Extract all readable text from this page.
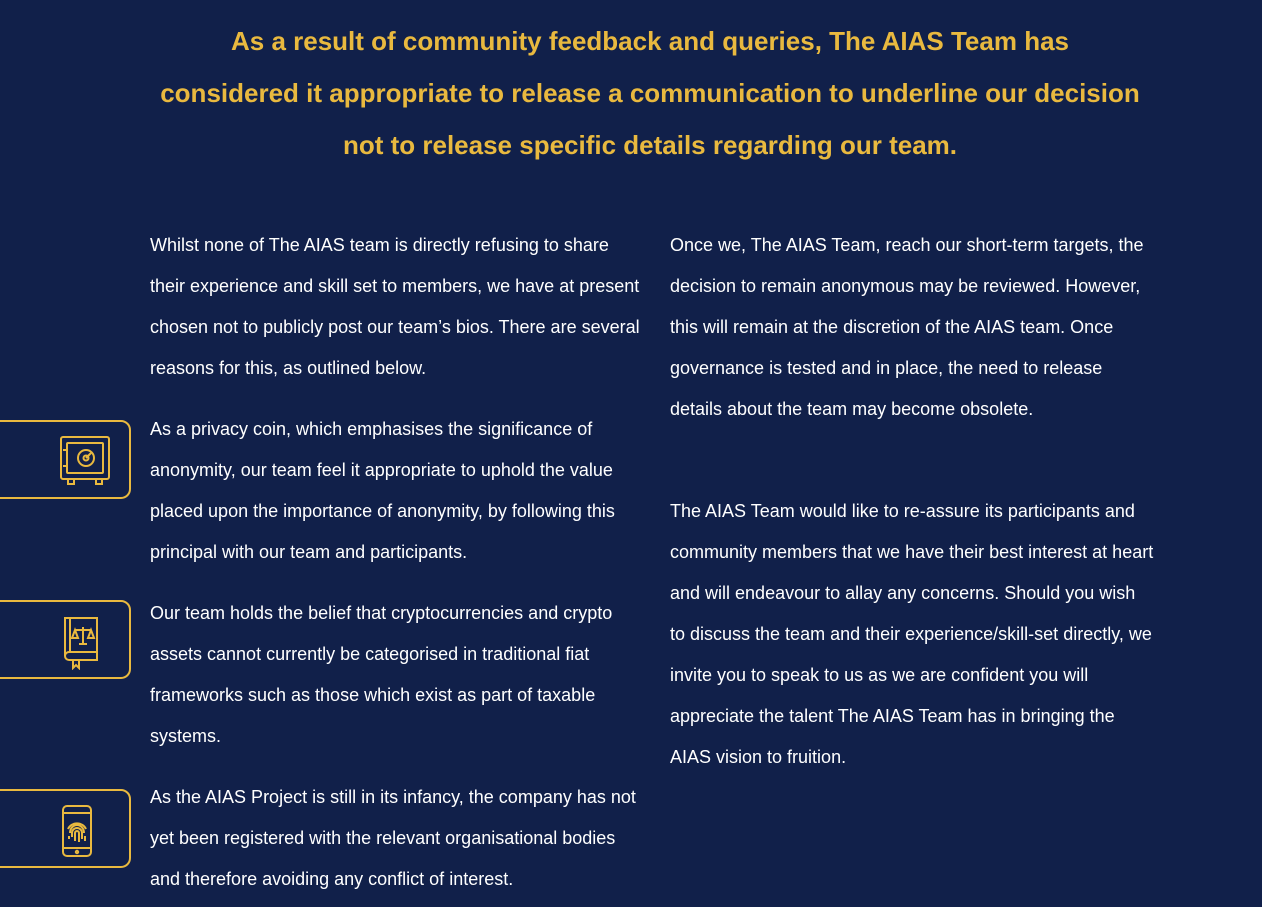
As a result of community feedback and queries, The AIAS Team has considered it appropriate to release a communication to underline our decision not to release specific details regarding our team.

Whilst none of The AIAS team is directly refusing to share their experience and skill set to members, we have at present chosen not to publicly post our team’s bios. There are several reasons for this, as outlined below.

As a privacy coin, which emphasises the significance of anonymity, our team feel it appropriate to uphold the value placed upon the importance of anonymity, by following this principal with our team and participants.

Our team holds the belief that cryptocurrencies and crypto assets cannot currently be categorised in traditional fiat frameworks such as those which exist as part of taxable systems.

As the AIAS Project is still in its infancy, the company has not yet been registered with the relevant organisational bodies and therefore avoiding any conflict of interest.

Once we, The AIAS Team, reach our short-term targets, the decision to remain anonymous may be reviewed. However, this will remain at the discretion of the AIAS team. Once governance is tested and in place, the need to release details about the team may become obsolete.

The AIAS Team would like to re-assure its participants and community members that we have their best interest at heart and will endeavour to allay any concerns. Should you wish to discuss the team and their experience/skill-set directly, we invite you to speak to us as we are confident you will appreciate the talent The AIAS Team has in bringing the AIAS vision to fruition.
